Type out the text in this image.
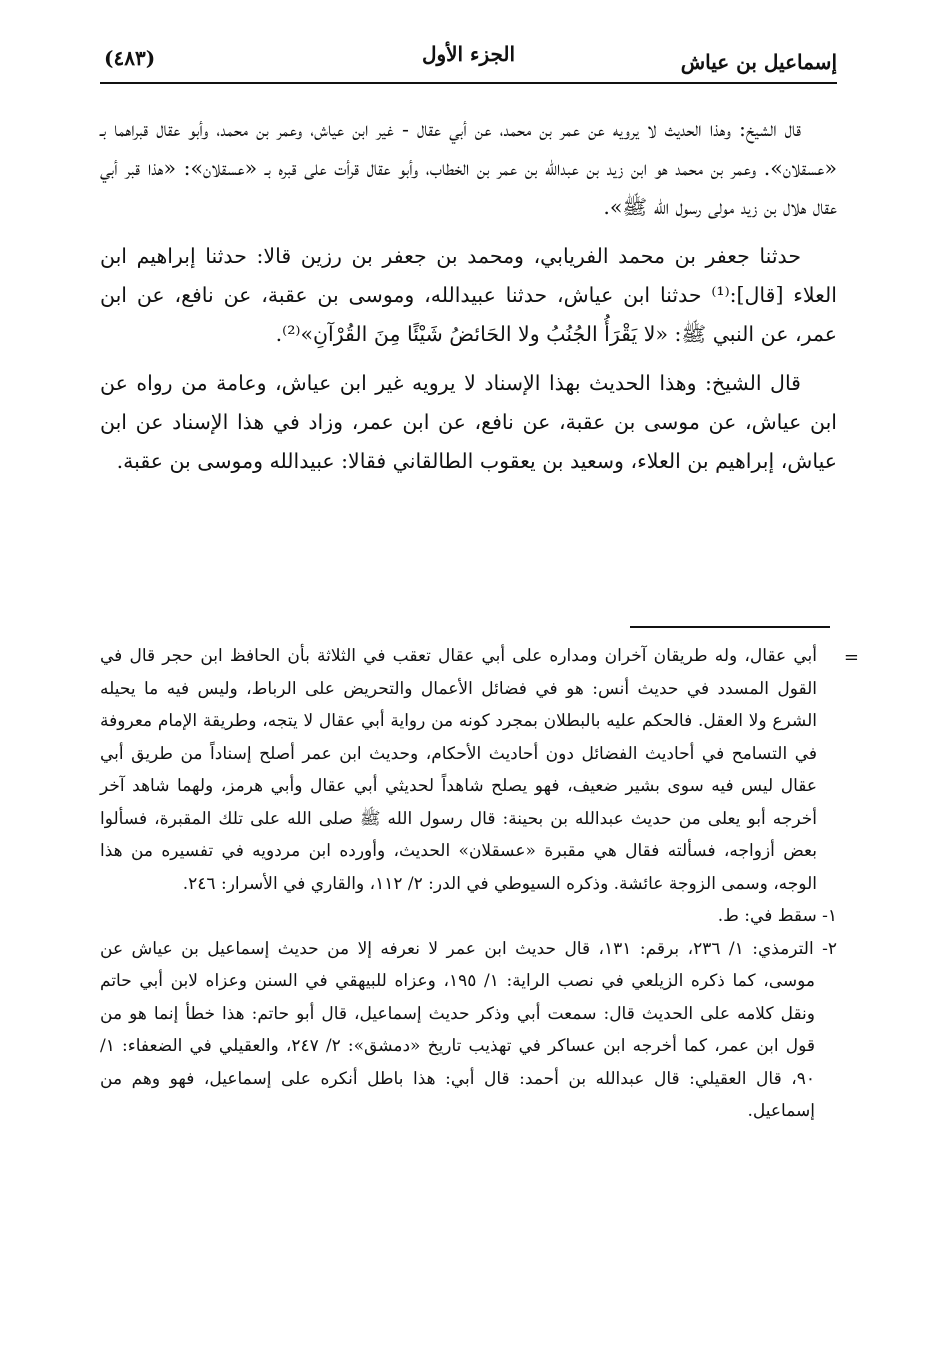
إسماعيل بن عياش
الجزء الأول
(٤٨٣)

قال الشيخ: وهذا الحديث لا يرويه عن عمر بن محمد، عن أبي عقال - غير ابن عياش، وعمر بن محمد، وأبو عقال قبراهما بـ «عسقلان». وعمر بن محمد هو ابن زيد بن عبدالله بن عمر بن الخطاب، وأبو عقال قرأت على قبره بـ «عسقلان»: «هذا قبر أبي عقال هلال بن زيد مولى رسول الله ﷺ».

حدثنا جعفر بن محمد الفريابي، ومحمد بن جعفر بن رزين قالا: حدثنا إبراهيم ابن العلاء [قال]:⁽¹⁾ حدثنا ابن عياش، حدثنا عبيدالله، وموسى بن عقبة، عن نافع، عن ابن عمر، عن النبي ﷺ: «لا يَقْرَأُ الجُنُبُ ولا الحَائضُ شَيْئًا مِنَ القُرْآنِ»⁽²⁾.

قال الشيخ: وهذا الحديث بهذا الإسناد لا يرويه غير ابن عياش، وعامة من رواه عن ابن عياش، عن موسى بن عقبة، عن نافع، عن ابن عمر، وزاد في هذا الإسناد عن ابن عياش، إبراهيم بن العلاء، وسعيد بن يعقوب الطالقاني فقالا: عبيدالله وموسى بن عقبة.

=
أبي عقال، وله طريقان آخران ومداره على أبي عقال تعقب في الثلاثة بأن الحافظ ابن حجر قال في القول المسدد في حديث أنس: هو في فضائل الأعمال والتحريض على الرباط، وليس فيه ما يحيله الشرع ولا العقل. فالحكم عليه بالبطلان بمجرد كونه من رواية أبي عقال لا يتجه، وطريقة الإمام معروفة في التسامح في أحاديث الفضائل دون أحاديث الأحكام، وحديث ابن عمر أصلح إسناداً من طريق أبي عقال ليس فيه سوى بشير ضعيف، فهو يصلح شاهداً لحديثي أبي عقال وأبي هرمز، ولهما شاهد آخر أخرجه أبو يعلى من حديث عبدالله بن بحينة: قال رسول الله ﷺ صلى الله على تلك المقبرة، فسألوا بعض أزواجه، فسألته فقال هي مقبرة «عسقلان» الحديث، وأورده ابن مردويه في تفسيره من هذا الوجه، وسمى الزوجة عائشة. وذكره السيوطي في الدر: ٢/ ١١٢، والقاري في الأسرار: ٢٤٦.

١- سقط في: ط.

٢- الترمذي: ١/ ٢٣٦، برقم: ١٣١، قال حديث ابن عمر لا نعرفه إلا من حديث إسماعيل بن عياش عن موسى، كما ذكره الزيلعي في نصب الراية: ١/ ١٩٥، وعزاه للبيهقي في السنن وعزاه لابن أبي حاتم ونقل كلامه على الحديث قال: سمعت أبي وذكر حديث إسماعيل، قال أبو حاتم: هذا خطأ إنما هو من قول ابن عمر، كما أخرجه ابن عساكر في تهذيب تاريخ «دمشق»: ٢/ ٢٤٧، والعقيلي في الضعفاء: ١/ ٩٠، قال العقيلي: قال عبدالله بن أحمد: قال أبي: هذا باطل أنكره على إسماعيل، فهو وهم من إسماعيل.
